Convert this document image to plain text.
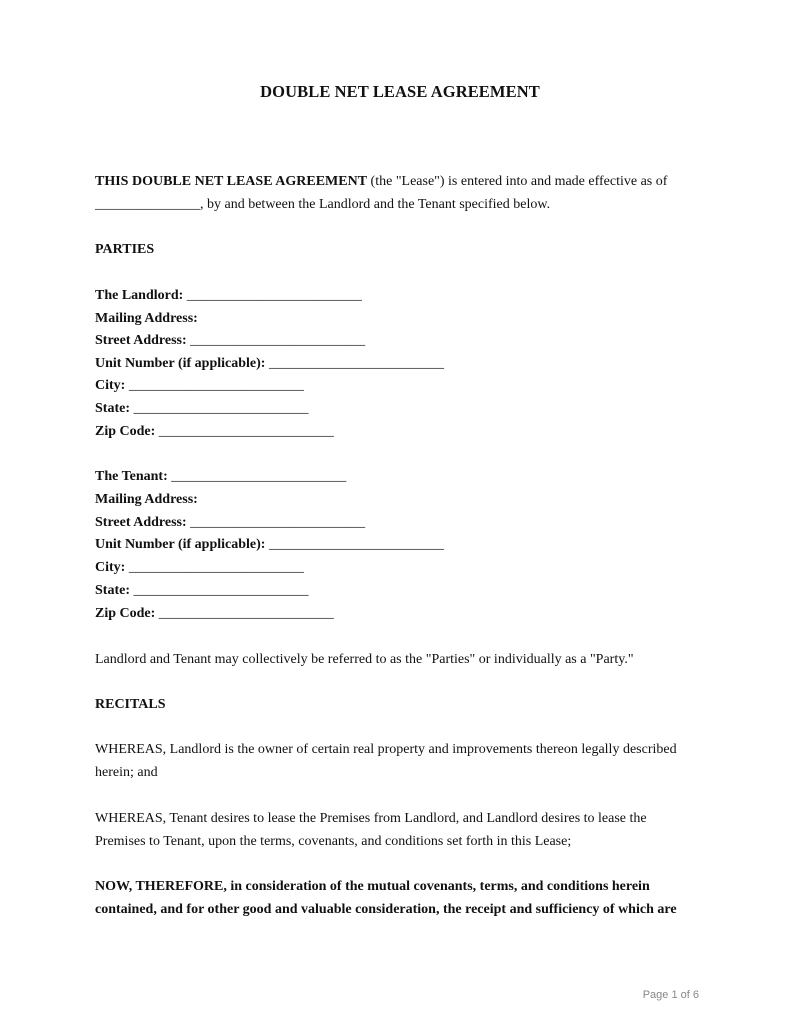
DOUBLE NET LEASE AGREEMENT
THIS DOUBLE NET LEASE AGREEMENT (the "Lease") is entered into and made effective as of
_______________, by and between the Landlord and the Tenant specified below.
PARTIES
The Landlord: _________________________
Mailing Address:
Street Address: _________________________
Unit Number (if applicable): _________________________
City: _________________________
State: _________________________
Zip Code: _________________________
The Tenant: _________________________
Mailing Address:
Street Address: _________________________
Unit Number (if applicable): _________________________
City: _________________________
State: _________________________
Zip Code: _________________________
Landlord and Tenant may collectively be referred to as the "Parties" or individually as a "Party."
RECITALS
WHEREAS, Landlord is the owner of certain real property and improvements thereon legally described
herein; and
WHEREAS, Tenant desires to lease the Premises from Landlord, and Landlord desires to lease the
Premises to Tenant, upon the terms, covenants, and conditions set forth in this Lease;
NOW, THEREFORE, in consideration of the mutual covenants, terms, and conditions herein
contained, and for other good and valuable consideration, the receipt and sufficiency of which are
Page 1 of 6
